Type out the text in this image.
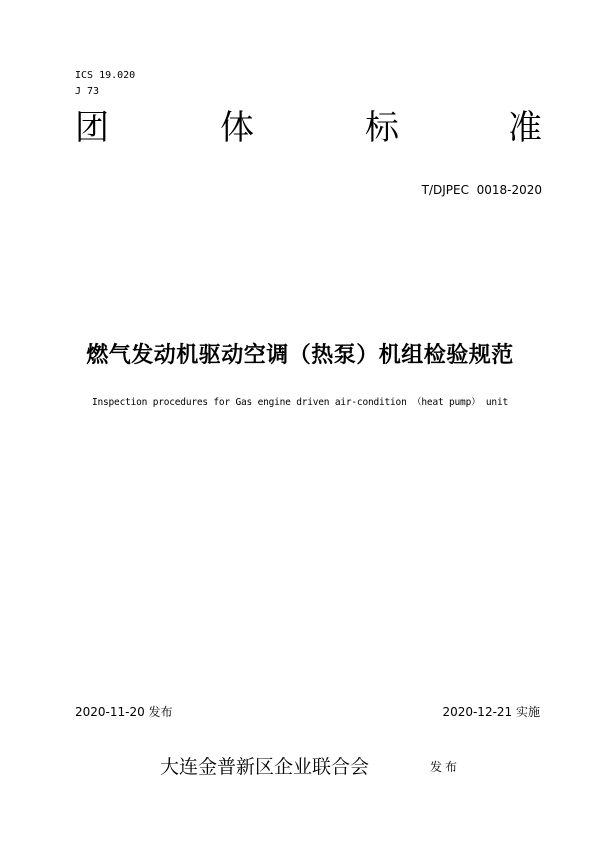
ICS 19.020
J 73
团	体	标	准
T/DJPEC  0018-2020
燃气发动机驱动空调（热泵）机组检验规范
Inspection procedures for Gas engine driven air-condition （heat pump） unit
2020-11-20 发布	2020-12-21 实施
大连金普新区企业联合会	发布
